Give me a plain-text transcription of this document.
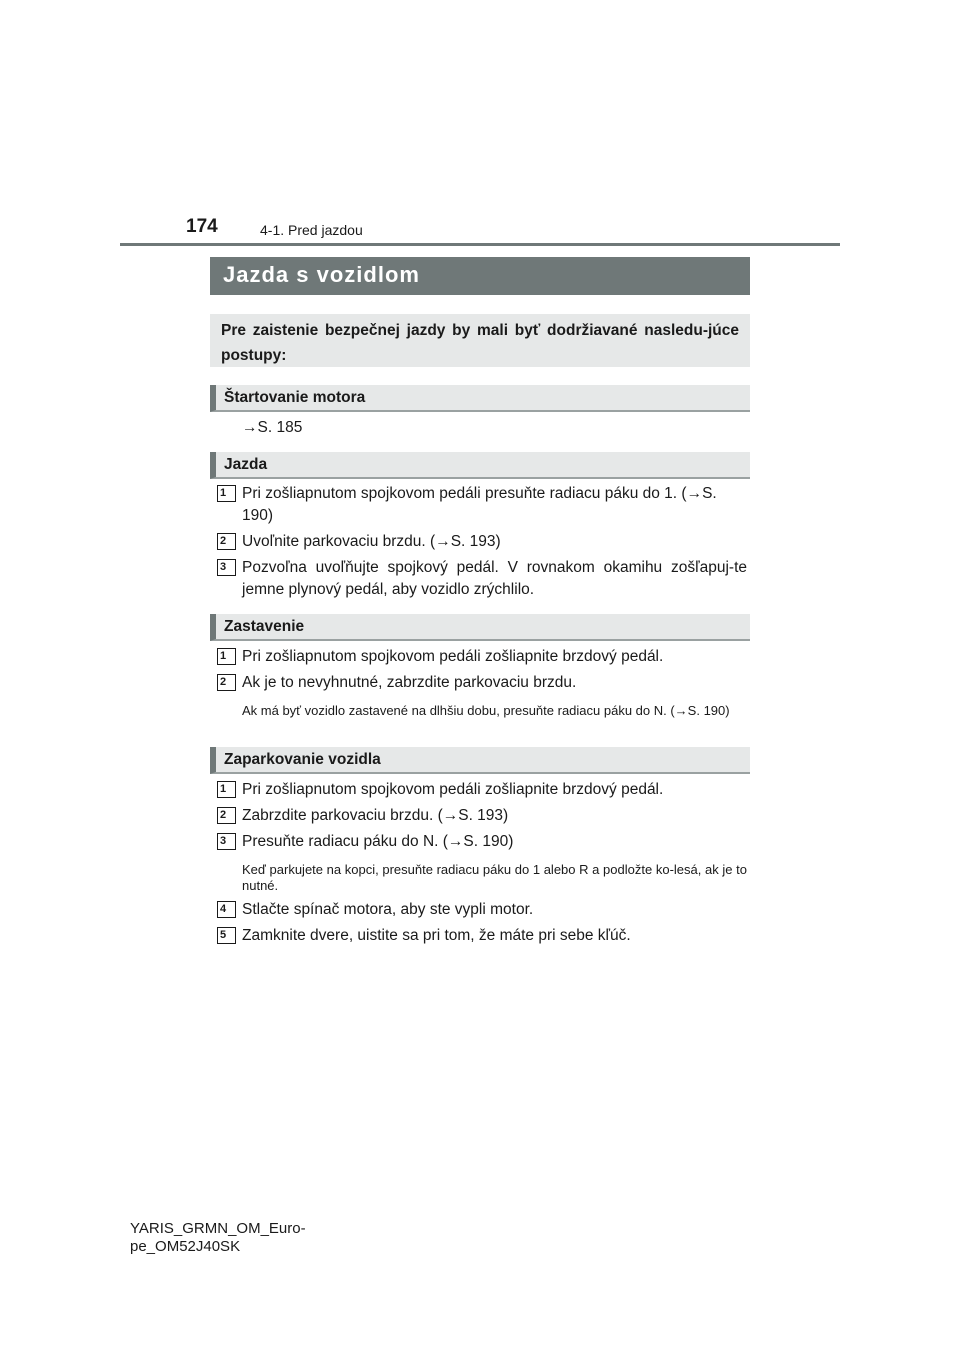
174	4-1. Pred jazdou
Jazda s vozidlom
Pre zaistenie bezpečnej jazdy by mali byť dodržiavané nasledu-júce postupy:
Štartovanie motora
→S. 185
Jazda
1	Pri zošliapnutom spojkovom pedáli presuňte radiacu páku do 1. (→S. 190)
2	Uvoľnite parkovaciu brzdu. (→S. 193)
3	Pozvoľna uvoľňujte spojkový pedál. V rovnakom okamihu zošľapuj-te jemne plynový pedál, aby vozidlo zrýchlilo.
Zastavenie
1	Pri zošliapnutom spojkovom pedáli zošliapnite brzdový pedál.
2	Ak je to nevyhnutné, zabrzdite parkovaciu brzdu.
Ak má byť vozidlo zastavené na dlhšiu dobu, presuňte radiacu páku do N. (→S. 190)
Zaparkovanie vozidla
1	Pri zošliapnutom spojkovom pedáli zošliapnite brzdový pedál.
2	Zabrzdite parkovaciu brzdu. (→S. 193)
3	Presuňte radiacu páku do N. (→S. 190)
Keď parkujete na kopci, presuňte radiacu páku do 1 alebo R a podložte ko-lesá, ak je to nutné.
4	Stlačte spínač motora, aby ste vypli motor.
5	Zamknite dvere, uistite sa pri tom, že máte pri sebe kľúč.
YARIS_GRMN_OM_Euro-
pe_OM52J40SK
